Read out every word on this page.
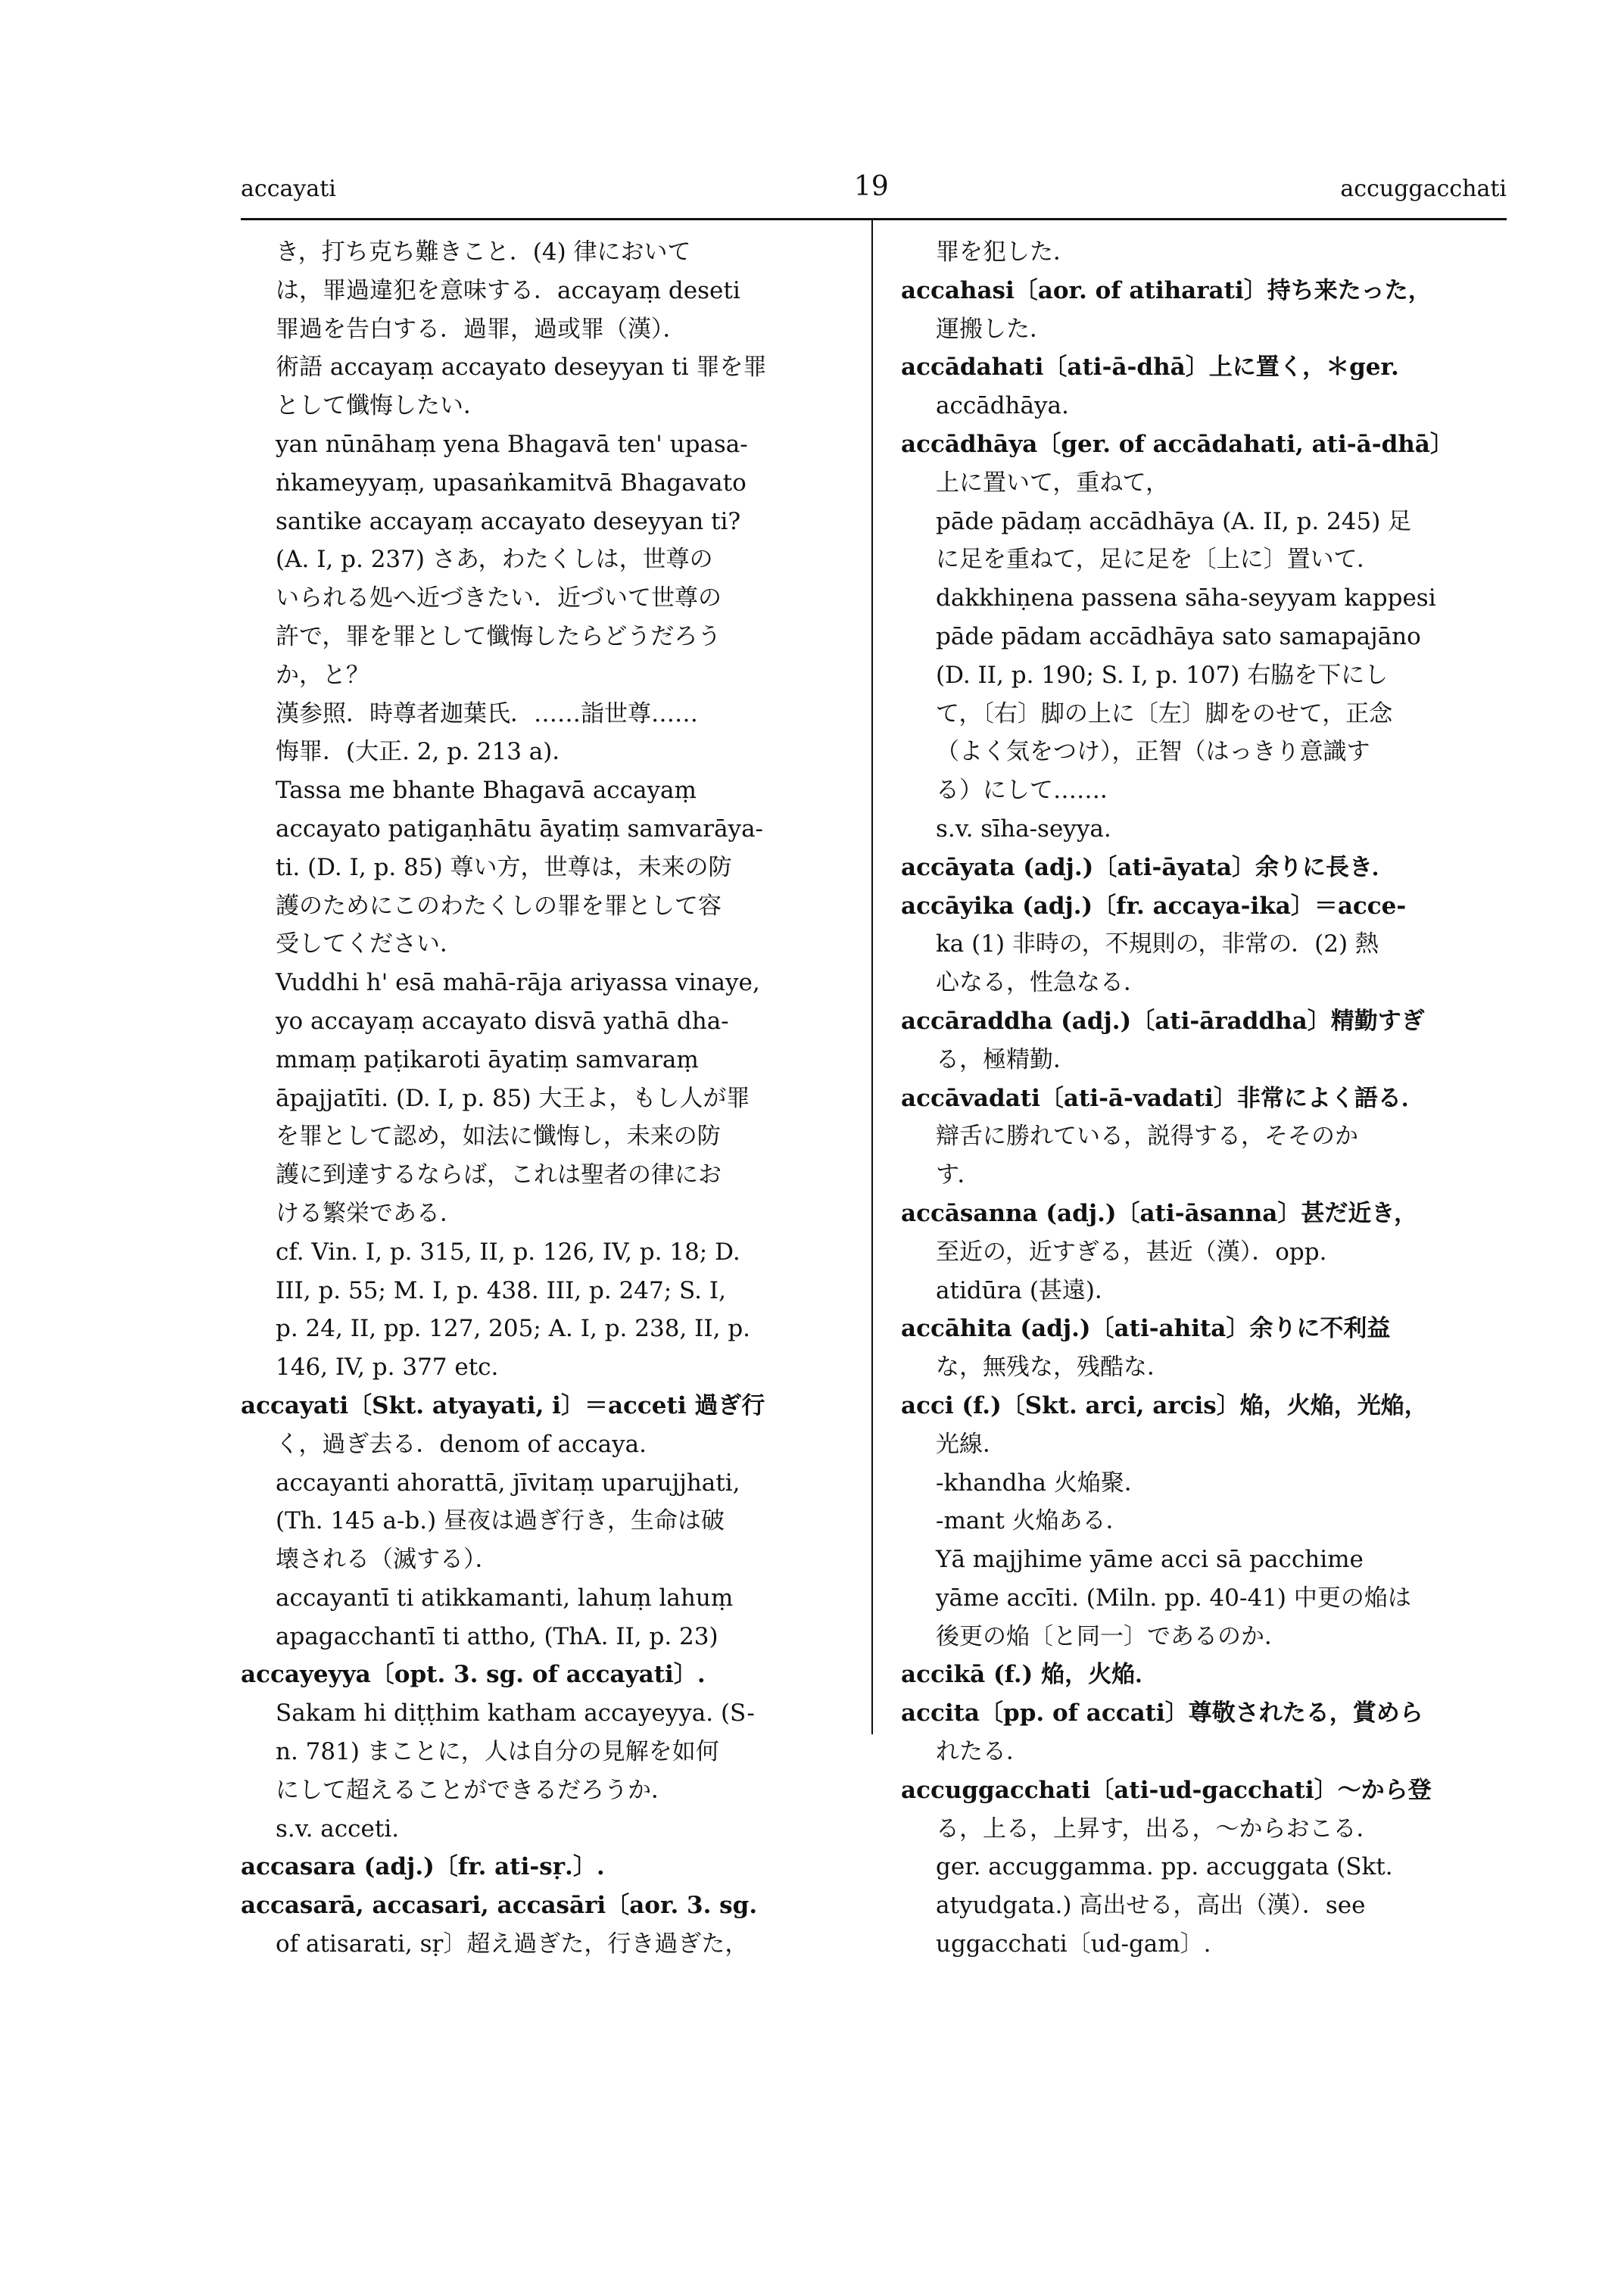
accayati	19	accuggacchati
き，打ち克ち難きこと．(4) 律において
は，罪過違犯を意味する．accayaṃ deseti
罪過を告白する．過罪，過或罪（漢）．
術語 accayaṃ accayato deseyyan ti 罪を罪
として懺悔したい．
yan nūnāhaṃ yena Bhagavā ten' upasa-
ṅkameyyaṃ, upasaṅkamitvā Bhagavato
santike accayaṃ accayato deseyyan ti?
(A. I, p. 237) さあ，わたくしは，世尊の
いられる処へ近づきたい．近づいて世尊の
許で，罪を罪として懺悔したらどうだろう
か，と？
漢参照．時尊者迦葉氏．……詣世尊……
悔罪．(大正. 2, p. 213 a)．
Tassa me bhante Bhagavā accayaṃ
accayato patigaṇhātu āyatiṃ samvarāya-
ti. (D. I, p. 85) 尊い方，世尊は，未来の防
護のためにこのわたくしの罪を罪として容
受してください．
Vuddhi h' esā mahā-rāja ariyassa vinaye,
yo accayaṃ accayato disvā yathā dha-
mmaṃ paṭikaroti āyatiṃ samvaraṃ
āpajjatīti. (D. I, p. 85) 大王よ，もし人が罪
を罪として認め，如法に懺悔し，未来の防
護に到達するならば，これは聖者の律にお
ける繁栄である．
cf. Vin. I, p. 315, II, p. 126, IV, p. 18; D.
III, p. 55; M. I, p. 438. III, p. 247; S. I,
p. 24, II, pp. 127, 205; A. I, p. 238, II, p.
146, IV, p. 377 etc.
accayati〔Skt. atyayati, i〕＝acceti 過ぎ行
く，過ぎ去る．denom of accaya.
accayanti ahorattā, jīvitaṃ uparujjhati,
(Th. 145 a-b.) 昼夜は過ぎ行き，生命は破
壊される（滅する）．
accayantī ti atikkamanti, lahuṃ lahuṃ
apagacchantī ti attho, (ThA. II, p. 23)
accayeyya〔opt. 3. sg. of accayati〕.
Sakam hi diṭṭhim katham accayeyya. (S-
n. 781) まことに，人は自分の見解を如何
にして超えることができるだろうか．
s.v. acceti.
accasara (adj.)〔fr. ati-sṛ.〕.
accasarā, accasari, accasāri〔aor. 3. sg.
of atisarati, sṛ〕超え過ぎた，行き過ぎた，
罪を犯した．
accahasi〔aor. of atiharati〕持ち来たった，
運搬した．
accādahati〔ati-ā-dhā〕上に置く，＊ger.
accādhāya.
accādhāya〔ger. of accādahati, ati-ā-dhā〕
上に置いて，重ねて，
pāde pādaṃ accādhāya (A. II, p. 245) 足
に足を重ねて，足に足を〔上に〕置いて．
dakkhiṇena passena sāha-seyyam kappesi
pāde pādam accādhāya sato samapajāno
(D. II, p. 190; S. I, p. 107) 右脇を下にし
て，〔右〕脚の上に〔左〕脚をのせて，正念
（よく気をつけ），正智（はっきり意識す
る）にして……．
s.v. sīha-seyya.
accāyata (adj.)〔ati-āyata〕余りに長き．
accāyika (adj.)〔fr. accaya-ika〕＝acce-
ka (1) 非時の，不規則の，非常の．(2) 熱
心なる，性急なる．
accāraddha (adj.)〔ati-āraddha〕精勤すぎ
る，極精勤．
accāvadati〔ati-ā-vadati〕非常によく語る．
辯舌に勝れている，説得する，そそのか
す．
accāsanna (adj.)〔ati-āsanna〕甚だ近き，
至近の，近すぎる，甚近（漢）．opp.
atidūra (甚遠)．
accāhita (adj.)〔ati-ahita〕余りに不利益
な，無残な，残酷な．
acci (f.)〔Skt. arci, arcis〕焔，火焔，光焔，
光線．
-khandha 火焔聚．
-mant 火焔ある．
Yā majjhime yāme acci sā pacchime
yāme accīti. (Miln. pp. 40-41) 中更の焔は
後更の焔〔と同一〕であるのか．
accikā (f.) 焔，火焔．
accita〔pp. of accati〕尊敬されたる，賞めら
れたる．
accuggacchati〔ati-ud-gacchati〕〜から登
る，上る，上昇す，出る，〜からおこる．
ger. accuggamma. pp. accuggata (Skt.
atyudgata.) 高出せる，高出（漢）．see
uggacchati〔ud-gam〕.
